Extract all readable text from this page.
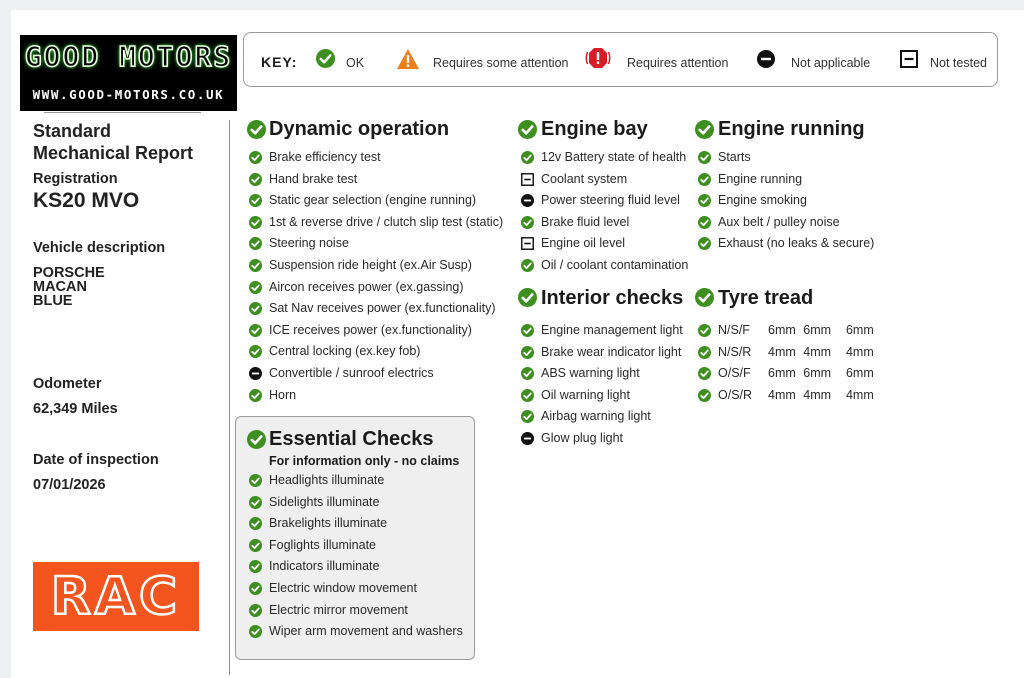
GOOD MOTORS
WWW.GOOD-MOTORS.CO.UK
Standard
Mechanical Report
Registration
KS20 MVO
Vehicle description
PORSCHE
MACAN
BLUE
Odometer
62,349 Miles
Date of inspection
07/01/2026
RAC
KEY:	OK	Requires some attention	Requires attention	Not applicable	Not tested
Dynamic operation
Brake efficiency test
Hand brake test
Static gear selection (engine running)
1st & reverse drive / clutch slip test (static)
Steering noise
Suspension ride height (ex.Air Susp)
Aircon receives power (ex.gassing)
Sat Nav receives power (ex.functionality)
ICE receives power (ex.functionality)
Central locking (ex.key fob)
Convertible / sunroof electrics
Horn
Essential Checks
For information only - no claims
Headlights illuminate
Sidelights illuminate
Brakelights illuminate
Foglights illuminate
Indicators illuminate
Electric window movement
Electric mirror movement
Wiper arm movement and washers
Engine bay
12v Battery state of health
Coolant system
Power steering fluid level
Brake fluid level
Engine oil level
Oil / coolant contamination
Interior checks
Engine management light
Brake wear indicator light
ABS warning light
Oil warning light
Airbag warning light
Glow plug light
Engine running
Starts
Engine running
Engine smoking
Aux belt / pulley noise
Exhaust (no leaks & secure)
Tyre tread
N/S/F 6mm 6mm  6mm
N/S/R 4mm 4mm  4mm
O/S/F 6mm 6mm  6mm
O/S/R 4mm 4mm  4mm
